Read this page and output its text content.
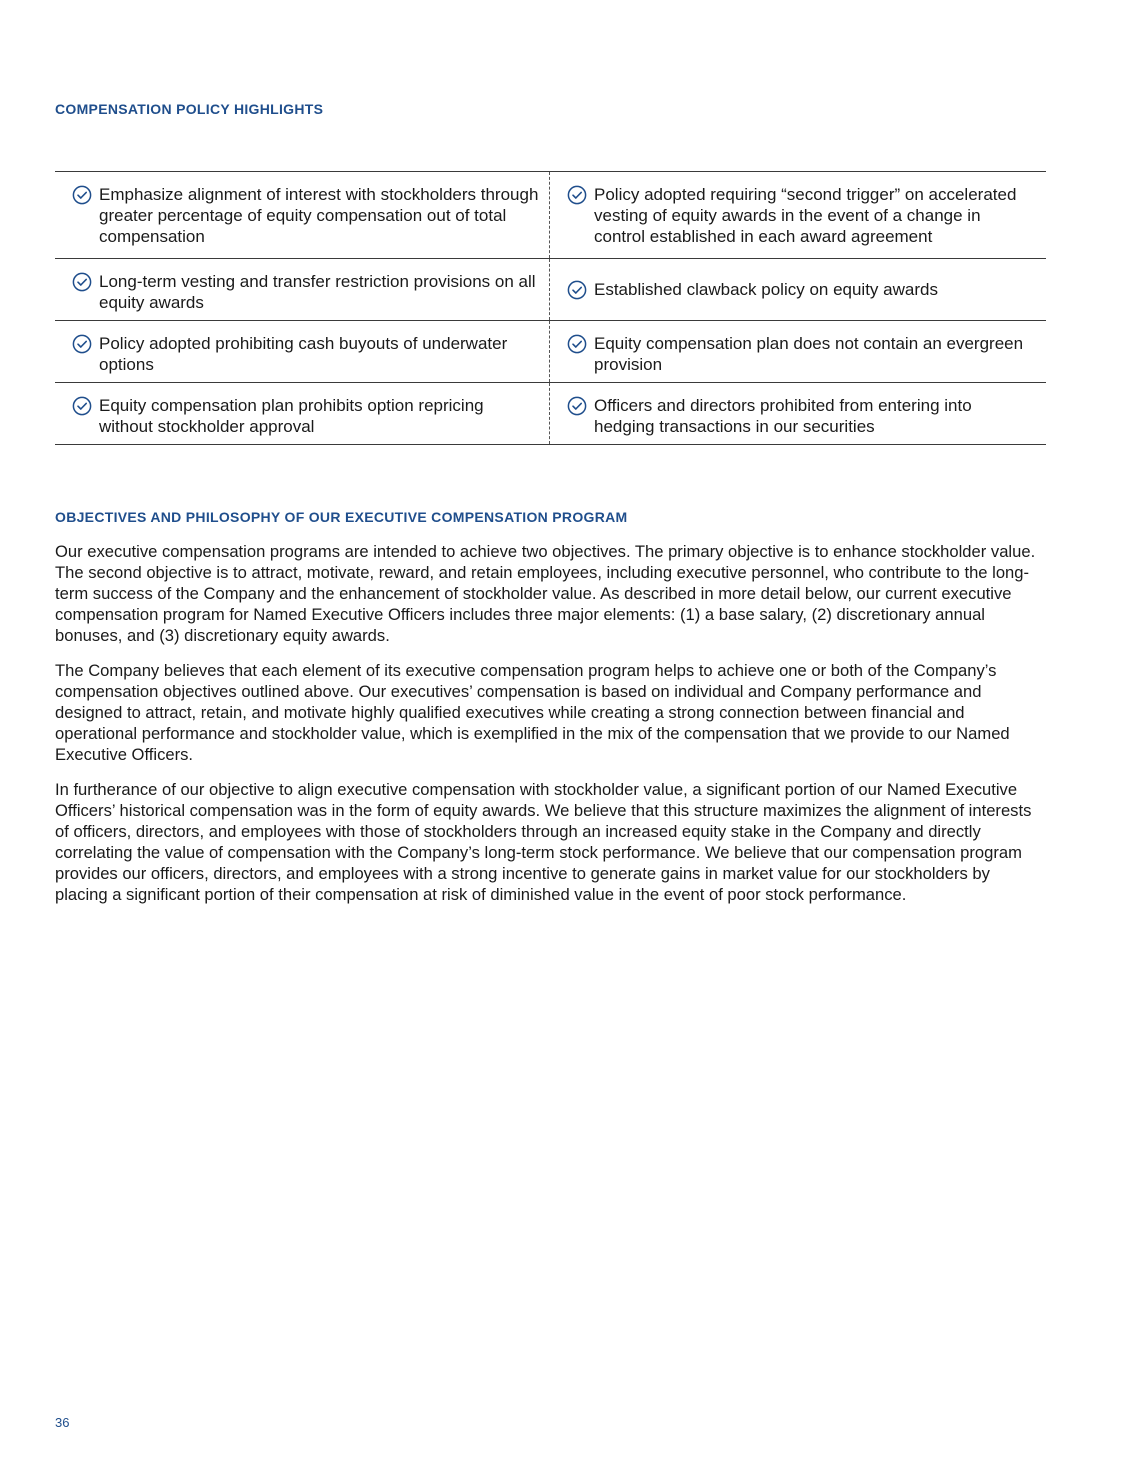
COMPENSATION POLICY HIGHLIGHTS
Emphasize alignment of interest with stockholders through greater percentage of equity compensation out of total compensation
Policy adopted requiring “second trigger” on accelerated vesting of equity awards in the event of a change in control established in each award agreement
Long-term vesting and transfer restriction provisions on all equity awards
Established clawback policy on equity awards
Policy adopted prohibiting cash buyouts of underwater options
Equity compensation plan does not contain an evergreen provision
Equity compensation plan prohibits option repricing without stockholder approval
Officers and directors prohibited from entering into hedging transactions in our securities
OBJECTIVES AND PHILOSOPHY OF OUR EXECUTIVE COMPENSATION PROGRAM

Our executive compensation programs are intended to achieve two objectives. The primary objective is to enhance stockholder value. The second objective is to attract, motivate, reward, and retain employees, including executive personnel, who contribute to the long-term success of the Company and the enhancement of stockholder value. As described in more detail below, our current executive compensation program for Named Executive Officers includes three major elements: (1) a base salary, (2) discretionary annual bonuses, and (3) discretionary equity awards.

The Company believes that each element of its executive compensation program helps to achieve one or both of the Company’s compensation objectives outlined above. Our executives’ compensation is based on individual and Company performance and designed to attract, retain, and motivate highly qualified executives while creating a strong connection between financial and operational performance and stockholder value, which is exemplified in the mix of the compensation that we provide to our Named Executive Officers.

In furtherance of our objective to align executive compensation with stockholder value, a significant portion of our Named Executive Officers’ historical compensation was in the form of equity awards. We believe that this structure maximizes the alignment of interests of officers, directors, and employees with those of stockholders through an increased equity stake in the Company and directly correlating the value of compensation with the Company’s long-term stock performance. We believe that our compensation program provides our officers, directors, and employees with a strong incentive to generate gains in market value for our stockholders by placing a significant portion of their compensation at risk of diminished value in the event of poor stock performance.

36
